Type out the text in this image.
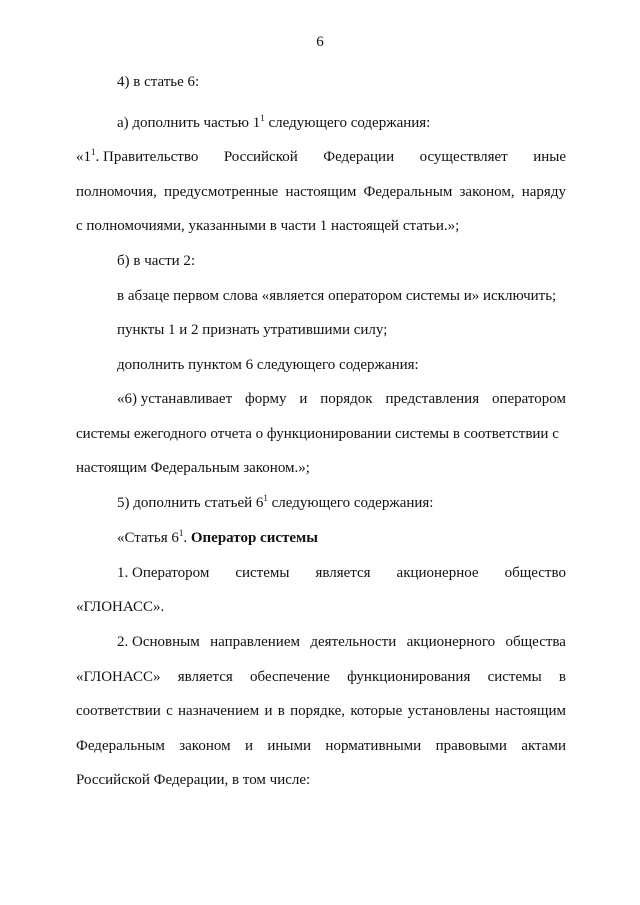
6
4) в статье 6:
а) дополнить частью $1^1$ следующего содержания:
«$1^1$. Правительство Российской Федерации осуществляет иные
полномочия, предусмотренные настоящим Федеральным законом, наряду
с полномочиями, указанными в части 1 настоящей статьи.»;
б) в части 2:
в абзаце первом слова «является оператором системы и» исключить;
пункты 1 и 2 признать утратившими силу;
дополнить пунктом 6 следующего содержания:
«6) устанавливает форму и порядок представления оператором
системы ежегодного отчета о функционировании системы в соответствии с
настоящим Федеральным законом.»;
5) дополнить статьей $6^1$ следующего содержания:
«Статья $6^1$. Оператор системы
1. Оператором системы является акционерное общество
«ГЛОНАСС».
2. Основным направлением деятельности акционерного общества
«ГЛОНАСС» является обеспечение функционирования системы в
соответствии с назначением и в порядке, которые установлены настоящим
Федеральным законом и иными нормативными правовыми актами
Российской Федерации, в том числе:
